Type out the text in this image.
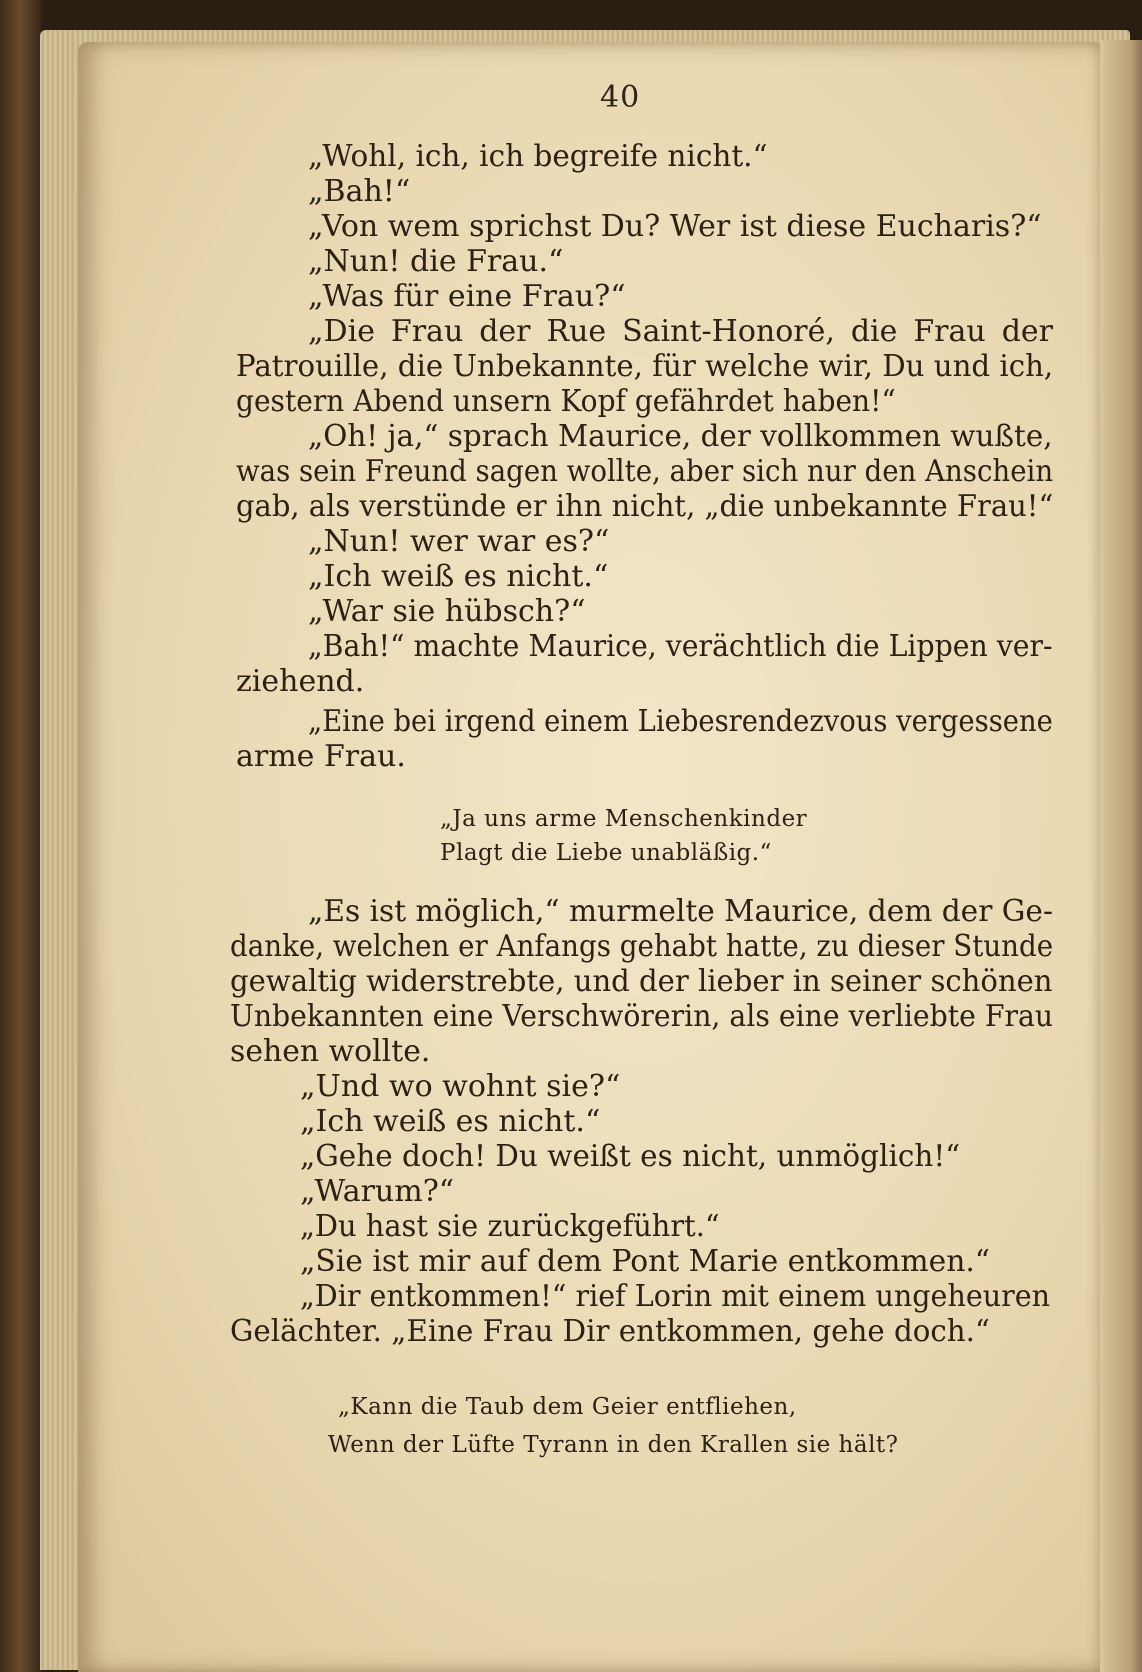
40

„Wohl, ich, ich begreife nicht.“

„Bah!“

„Von wem sprichst Du? Wer ist diese Eucharis?“

„Nun! die Frau.“

„Was für eine Frau?“

„Die Frau der Rue Saint-Honoré, die Frau der

Patrouille, die Unbekannte, für welche wir, Du und ich,

gestern Abend unsern Kopf gefährdet haben!“

„Oh! ja,“ sprach Maurice, der vollkommen wußte,

was sein Freund sagen wollte, aber sich nur den Anschein

gab, als verstünde er ihn nicht, „die unbekannte Frau!“

„Nun! wer war es?“

„Ich weiß es nicht.“

„War sie hübsch?“

„Bah!“ machte Maurice, verächtlich die Lippen ver-

ziehend.

„Eine bei irgend einem Liebesrendezvous vergessene

arme Frau.

„Ja uns arme Menschenkinder

Plagt die Liebe unabläßig.“

„Es ist möglich,“ murmelte Maurice, dem der Ge-

danke, welchen er Anfangs gehabt hatte, zu dieser Stunde

gewaltig widerstrebte, und der lieber in seiner schönen

Unbekannten eine Verschwörerin, als eine verliebte Frau

sehen wollte.

„Und wo wohnt sie?“

„Ich weiß es nicht.“

„Gehe doch! Du weißt es nicht, unmöglich!“

„Warum?“

„Du hast sie zurückgeführt.“

„Sie ist mir auf dem Pont Marie entkommen.“

„Dir entkommen!“ rief Lorin mit einem ungeheuren

Gelächter. „Eine Frau Dir entkommen, gehe doch.“

„Kann die Taub dem Geier entfliehen,

Wenn der Lüfte Tyrann in den Krallen sie hält?
